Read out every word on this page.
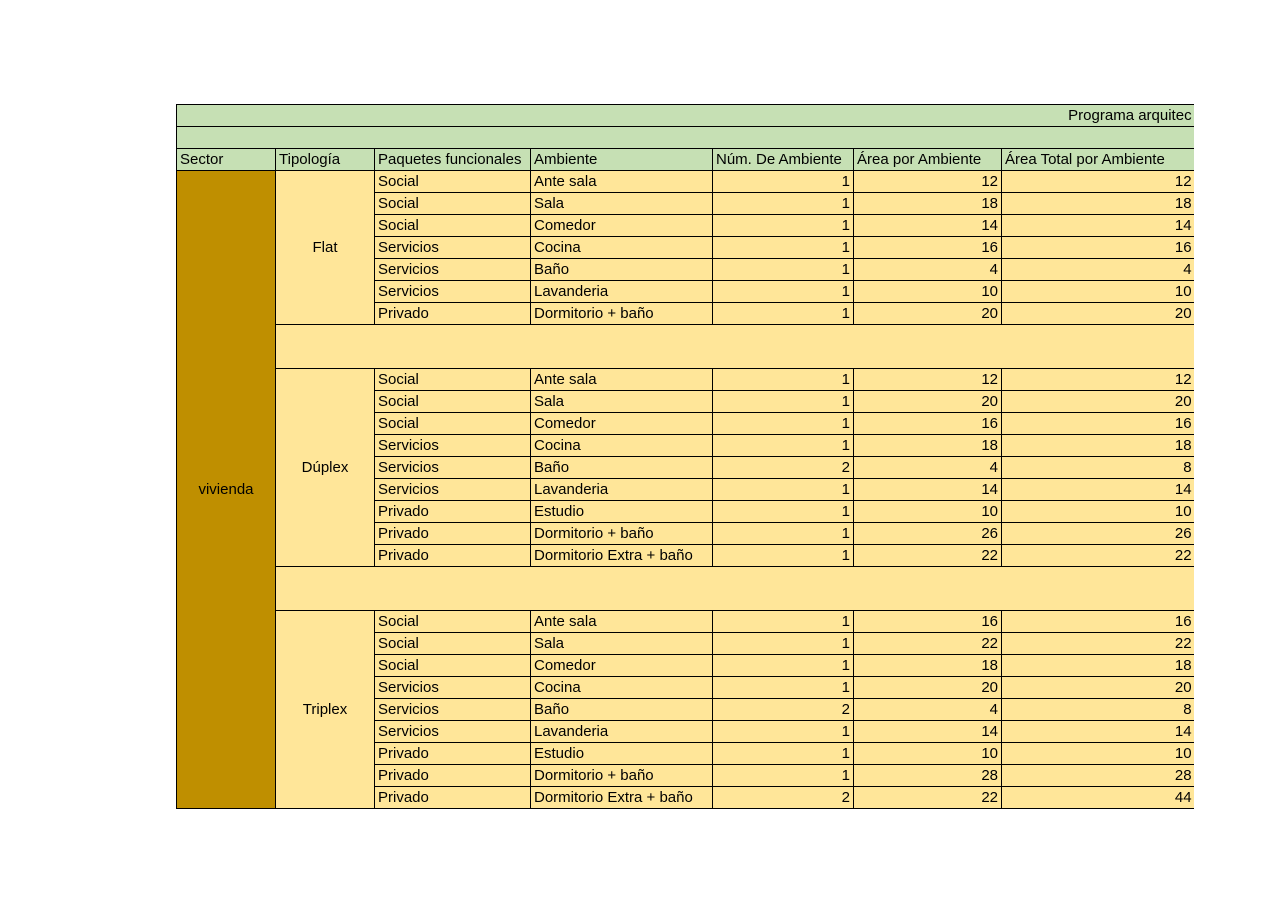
Programa arquitec						

Sector	Tipología	Paquetes funcionales	Ambiente	Núm. De Ambiente	Área por Ambiente	Área Total por Ambiente
vivienda	Flat	Social	Ante sala	1	12	12
		Social	Sala	1	18	18
		Social	Comedor	1	14	14
		Servicios	Cocina	1	16	16
		Servicios	Baño	1	4	4
		Servicios	Lavanderia	1	10	10
		Privado	Dormitorio + baño	1	20	20

	Dúplex	Social	Ante sala	1	12	12
		Social	Sala	1	20	20
		Social	Comedor	1	16	16
		Servicios	Cocina	1	18	18
		Servicios	Baño	2	4	8
		Servicios	Lavanderia	1	14	14
		Privado	Estudio	1	10	10
		Privado	Dormitorio + baño	1	26	26
		Privado	Dormitorio Extra + baño	1	22	22

	Triplex	Social	Ante sala	1	16	16
		Social	Sala	1	22	22
		Social	Comedor	1	18	18
		Servicios	Cocina	1	20	20
		Servicios	Baño	2	4	8
		Servicios	Lavanderia	1	14	14
		Privado	Estudio	1	10	10
		Privado	Dormitorio + baño	1	28	28
		Privado	Dormitorio Extra + baño	2	22	44
